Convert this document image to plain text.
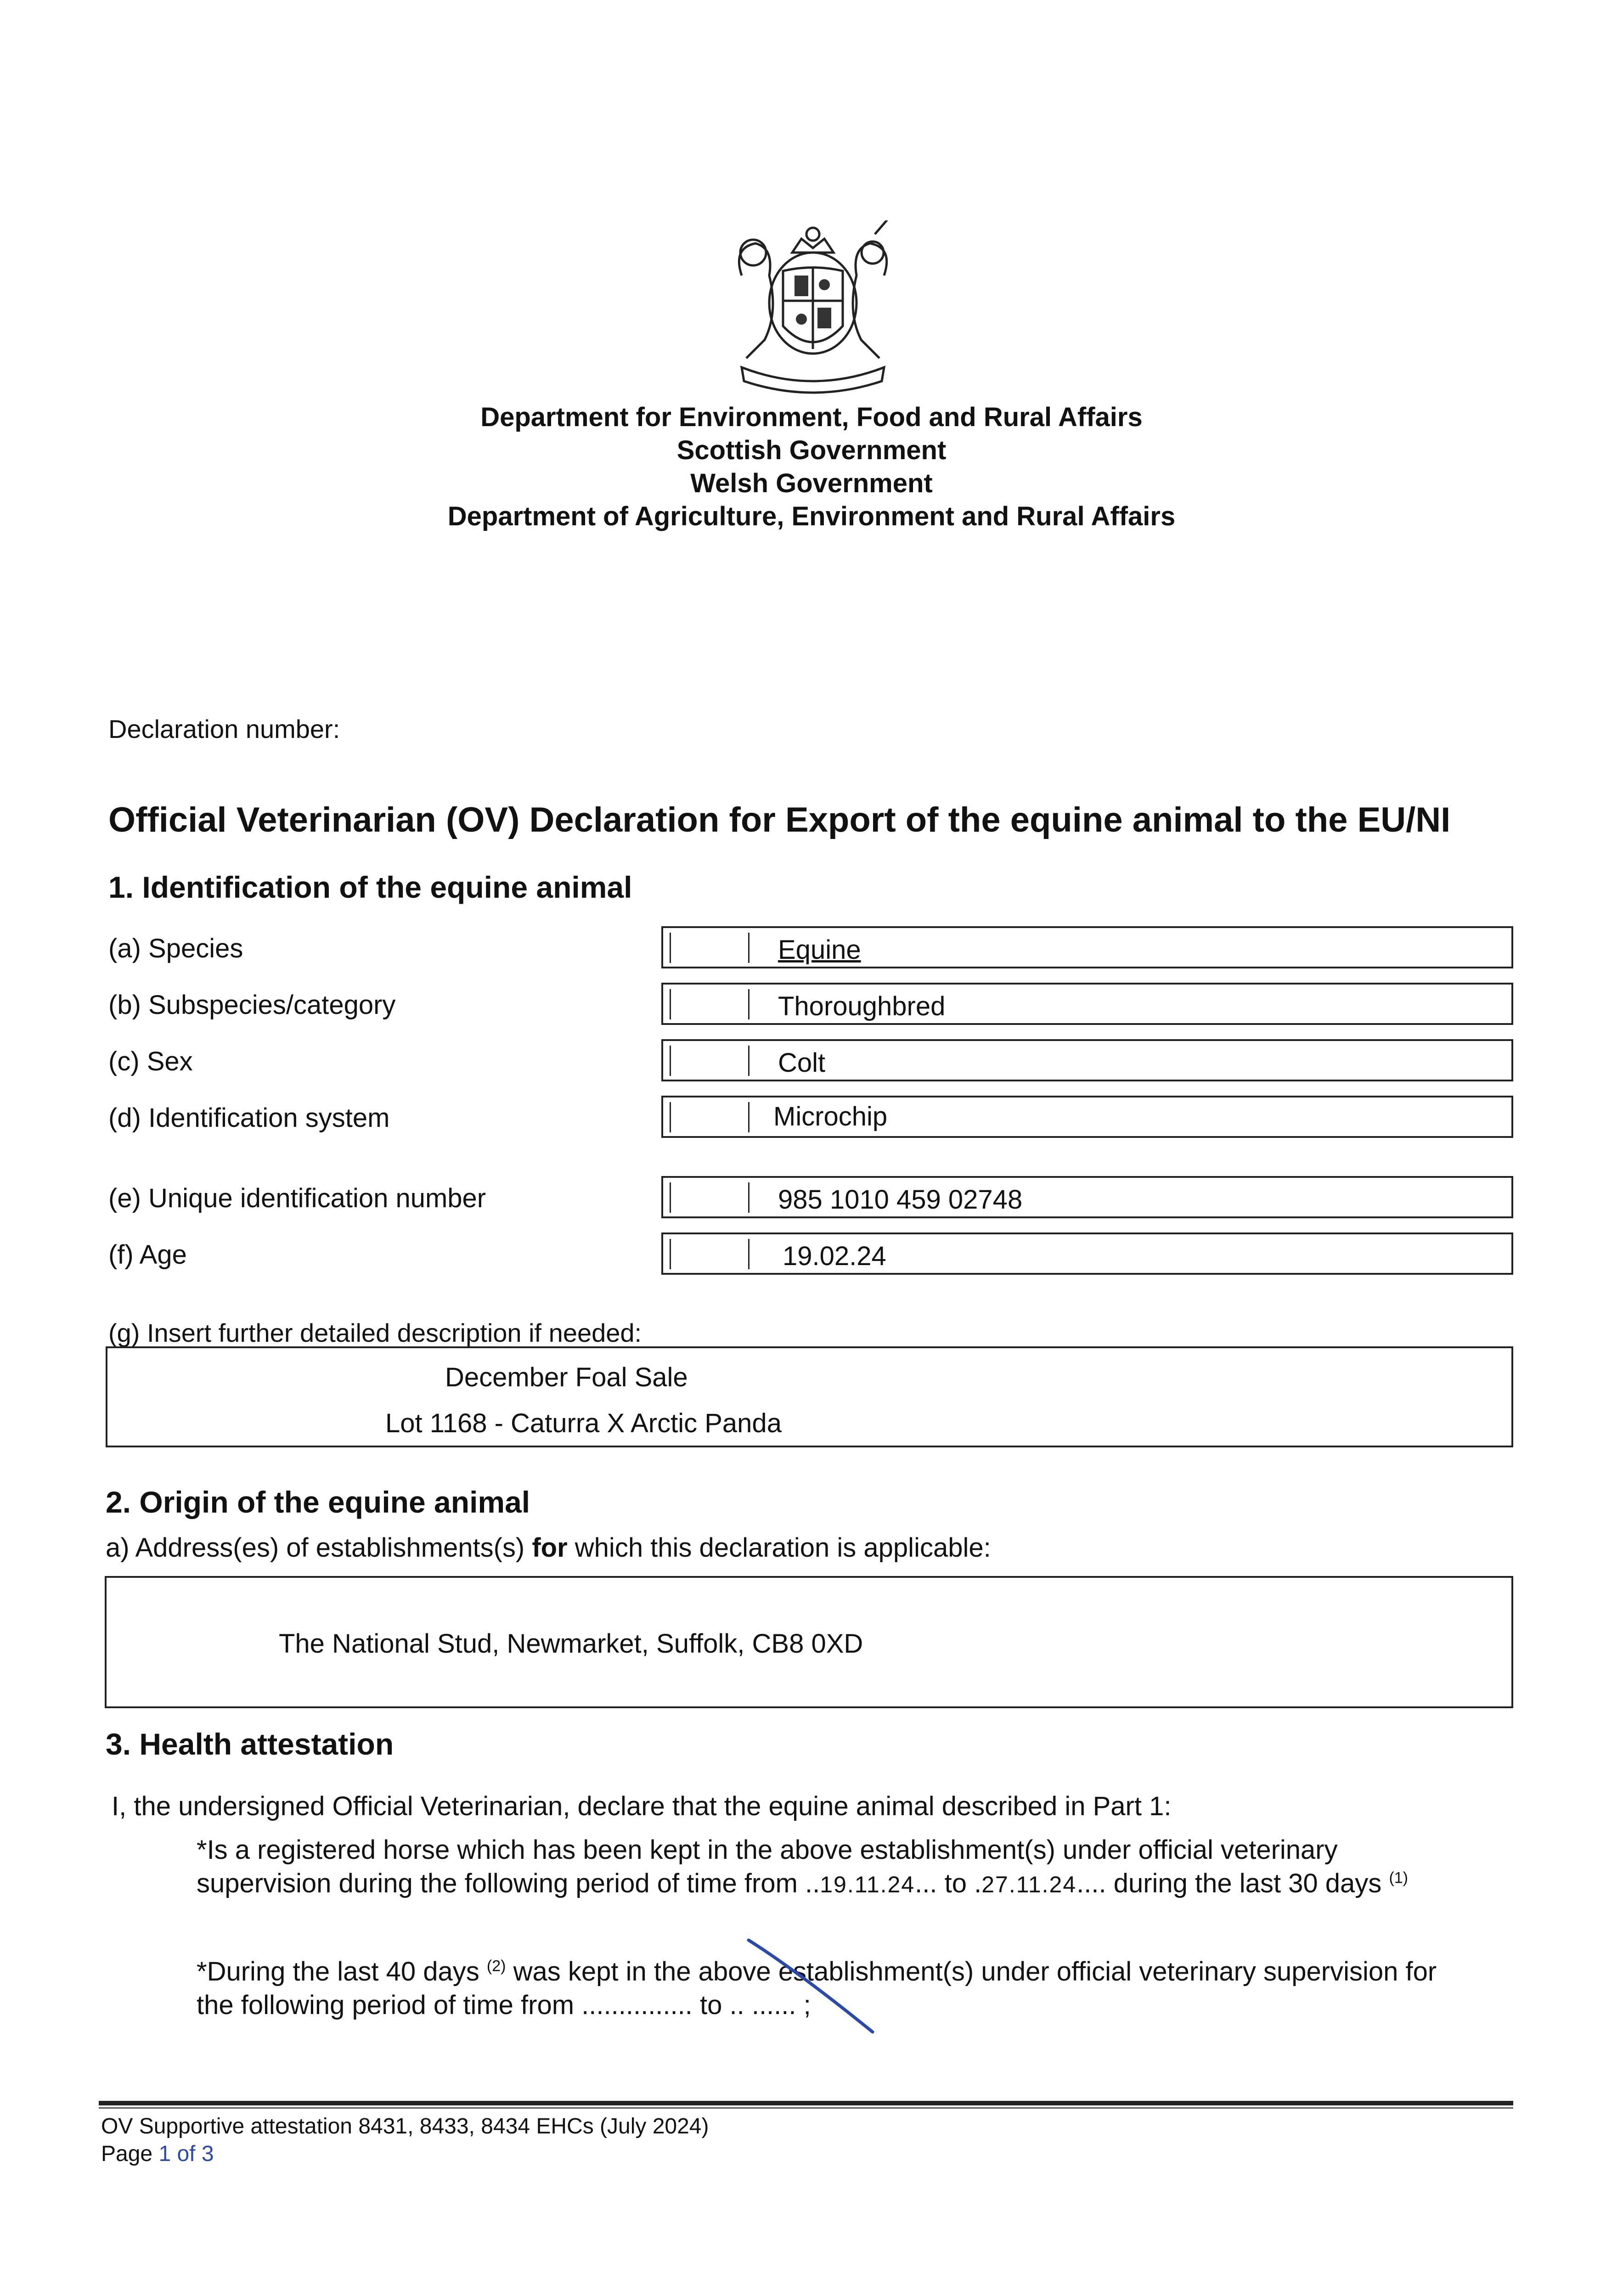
Department for Environment, Food and Rural Affairs
Scottish Government
Welsh Government
Department of Agriculture, Environment and Rural Affairs
Declaration number:
Official Veterinarian (OV) Declaration for Export of the equine animal to the EU/NI
1. Identification of the equine animal
(a) Species	Equine
(b) Subspecies/category	Thoroughbred
(c) Sex	Colt
(d) Identification system	Microchip
(e) Unique identification number	985 1010 459 02748
(f) Age	19.02.24
(g) Insert further detailed description if needed:
December Foal Sale
Lot 1168 - Caturra X Arctic Panda
2. Origin of the equine animal
a) Address(es) of establishments(s) for which this declaration is applicable:
The National Stud, Newmarket, Suffolk, CB8 0XD
3. Health attestation
I, the undersigned Official Veterinarian, declare that the equine animal described in Part 1:
*Is a registered horse which has been kept in the above establishment(s) under official veterinary
supervision during the following period of time from ..19.11.24... to .27.11.24.... during the last 30 days $^{(1)}$
*During the last 40 days $^{(2)}$ was kept in the above establishment(s) under official veterinary supervision for
the following period of time from ............... to .. ...... ;
OV Supportive attestation 8431, 8433, 8434 EHCs (July 2024)
Page 1 of 3
